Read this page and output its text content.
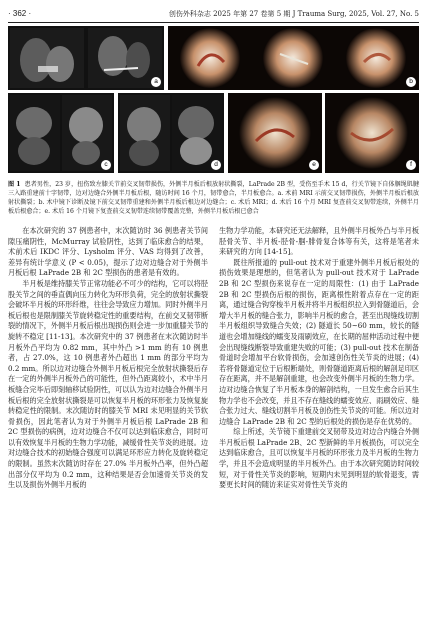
· 362 ·	创伤外科杂志 2025 年第 27 卷第 5 期 J Trauma Surg, 2025, Vol. 27, No. 5
a	b
c	d	e	f
图 1 患者男性，23 岁，扭伤致左膝关节前交叉韧带损伤，外侧半月板后根放射状撕裂，LaPrade 2B 型，受伤至手术 15 d，行关节镜下自体腘绳肌腱三入路重建前十字韧带，边对边缝合外侧半月板后根，随访时间 16 个月，韧带愈合，半月板愈合。a. 术前 MRI 示前交叉韧带损伤，外侧半月板后根放射状撕裂；b. 术中镜下诊断及镜下前交叉韧带重建和外侧半月板后根边对边缝合；c. 术后 MRI；d. 术后 16 个月 MRI 复查前交叉韧带连续，外侧半月板后根愈合；e. 术后 16 个月镜下复查前交叉韧带连续韧带覆盖完整，外侧半月板后根已愈合

在本次研究的 37 例患者中，末次随访时 36 例患者关节间隙压痛阴性，McMurray 试验阴性，达到了临床愈合的结果，术前术后 IKDC 评分、Lysholm 评分、VAS 均得到了改善，差异有统计学意义 (P < 0.05)，提示了边对边缝合对于外侧半月板后根 LaPrade 2B 和 2C 型损伤的患者是有效的。

半月板是维持膝关节正常功能必不可少的结构，它可以将胫股关节之间的垂直偶向压力转化为环形负荷，完全的放射状撕裂会破坏半月板的环形纤维，往往会导致应力增加。同时外侧半月板后根也是限制膝关节旋转稳定性的重要结构，在前交叉韧带断裂的情况下，外侧半月板后根出现损伤则会进一步加重膝关节的旋转不稳定 [11-13]。本次研究中的 37 例患者在末次随访时半月板外凸平均为 0.82 mm，其中外凸 >1 mm 的有 10 例患者，占 27.0%，这 10 例患者外凸超出 1 mm 的部分平均为 0.2 mm。所以边对边缝合外侧半月板后根完全放射状撕裂后存在一定的外侧半月板外凸的可能性，但外凸距离较小，术中半月板缝合完毕后即刻轴移试验阴性，可以认为边对边缝合外侧半月板后根的完全放射状撕裂是可以恢复半月板的环形张力及恢复旋转稳定性的限制。末次随访时的膝关节 MRI 未见明显的关节软骨损伤，因此笔者认为对于外侧半月板后根 LaPrade 2B 和 2C 型损伤的病例，边对边缝合不仅可以达到临床愈合，同时可以有效恢复半月板的生物力学功能，减缓骨性关节炎的进展。边对边缝合技术的初始缝合强度可以满足环形应力转化及旋转稳定的限制。虽然末次随访时存在 27.0% 半月板外凸率，但外凸超出部分仅平均为 0.2 mm，这种结果是否会加速骨关节炎的发生以及损伤外侧半月板的

生物力学功能，本研究还无法解释，且外侧半月板外凸与半月板胫骨关节、半月板-胫骨-腘-腓骨复合体等有关，这将是笔者未来研究的方向 [14-15]。

既往所报道的 pull-out 技术对于重建外侧半月板后根处的损伤效果是理想的，但笔者认为 pull-out 技术对于 LaPrade 2B 和 2C 型损伤来说存在一定的局限性：(1) 由于 LaPrade 2B 和 2C 型损伤后根的损伤，距离根性附着点存在一定的距离，通过缝合钩穿梭半月板并将半月板组织拉入到骨隧道后，会增大半月板的缝合张力，影响半月板的愈合，甚至出现缝线切割半月板组织导致缝合失效；(2) 隧道长 50~60 mm，较长的隧道也会增加缝线的蠕变及雨刷效应，在长期的屈伸活动过程中便会出现缝线断裂导致重建失败的可能；(3) pull-out 技术在制备骨道时会增加平台软骨损伤，会加速创伤性关节炎的进展；(4) 若将骨隧道定位于后根断端处，则骨隧道距离后根的解剖足印区存在距离，并不是解剖重建，也会改变外侧半月板的生物力学。边对边缝合恢复了半月板本身的解剖结构，一旦发生愈合后其生物力学也不会改变，并且不存在缝线的蠕变效应、雨刷效应、缝合张力过大、缝线切割半月板及创伤性关节炎的可能。所以边对边缝合 LaPrade 2B 和 2C 型的后根处的损伤是存在优势的。

综上所述，关节镜下重建前交叉韧带及边对边合内缝合外侧半月板后根 LaPrade 2B、2C 型新鲜的半月板损伤，可以完全达到临床愈合，且可以恢复半月板的环形张力及半月板的生物力学，并且不会造成明显的半月板外凸。由于本次研究随访时间较短，对于骨性关节炎的影响，短期内未见到明显的软骨退变，需要更长时间的随访来证实对骨性关节炎的
